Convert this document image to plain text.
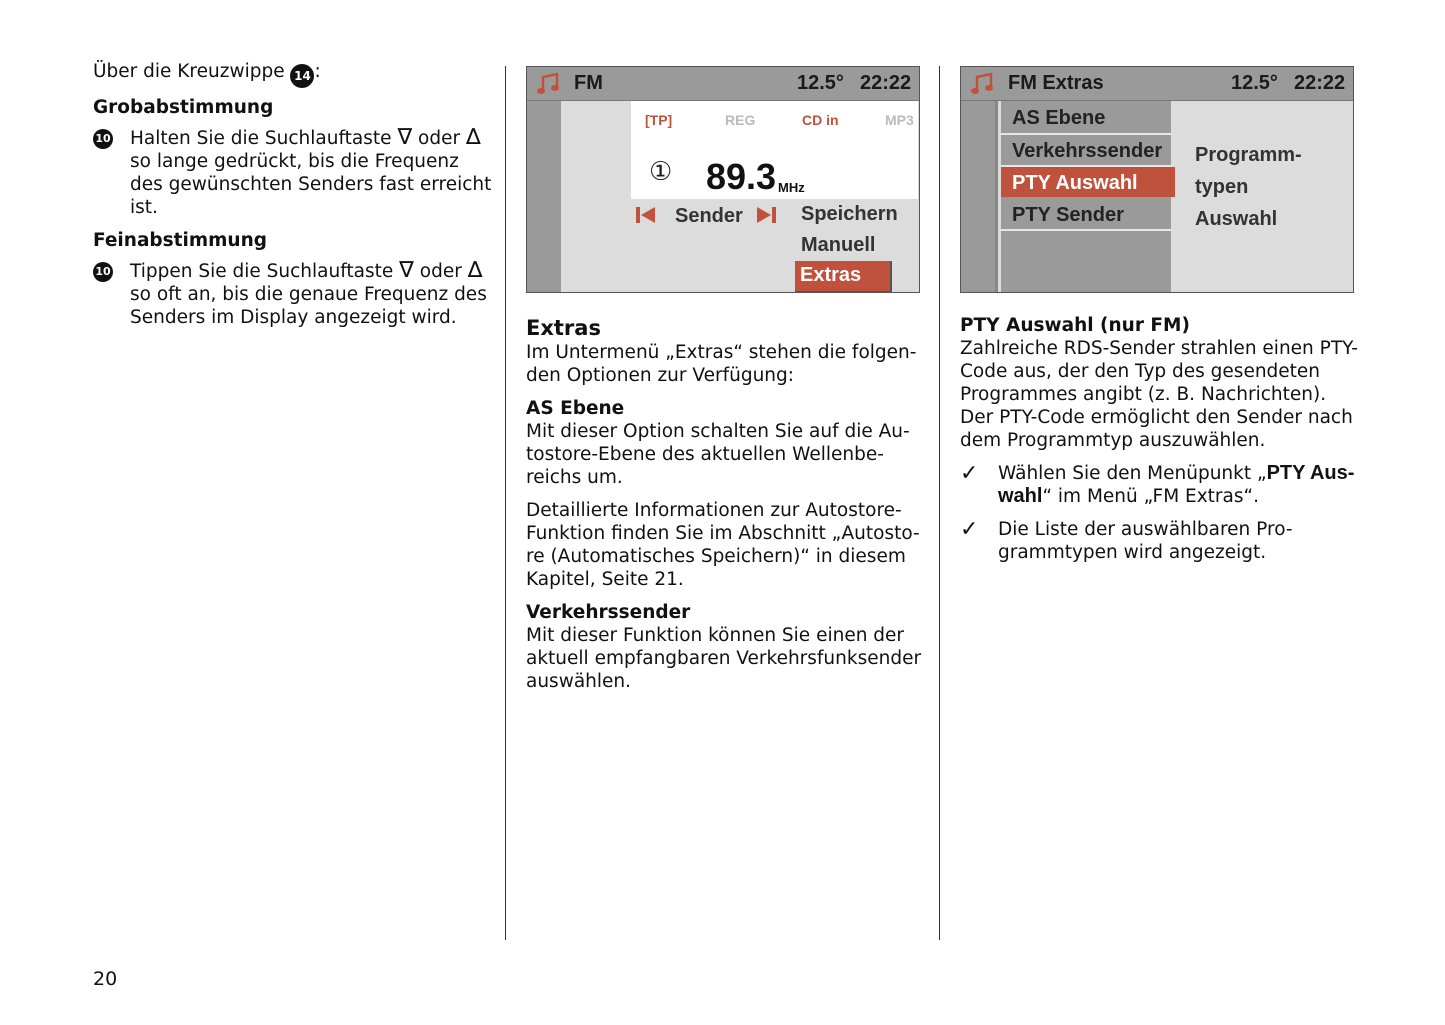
Über die Kreuzwippe 14 :

Grobabstimmung

10 Halten Sie die Suchlauftaste ∇ oder ∆

so lange gedrückt, bis die Frequenz

des gewünschten Senders fast erreicht

ist.

Feinabstimmung

10 Tippen Sie die Suchlauftaste ∇ oder ∆

so oft an, bis die genaue Frequenz des

Senders im Display angezeigt wird.

FM	12.5° 22:22
[TP]	REG	CD in	MP3
① 89.3 MHz
Sender	Speichern
Manuell
Extras
FM Extras	12.5° 22:22
AS Ebene
Verkehrssender
PTY Auswahl
PTY Sender
Programm-
typen
Auswahl

Extras

Im Untermenü „Extras“ stehen die folgen-

den Optionen zur Verfügung:

AS Ebene

Mit dieser Option schalten Sie auf die Au-

tostore-Ebene des aktuellen Wellenbe-

reichs um.

Detaillierte Informationen zur Autostore-

Funktion finden Sie im Abschnitt „Autosto-

re (Automatisches Speichern)“ in diesem

Kapitel, Seite 21.

Verkehrssender

Mit dieser Funktion können Sie einen der

aktuell empfangbaren Verkehrsfunksender

auswählen.

PTY Auswahl (nur FM)

Zahlreiche RDS-Sender strahlen einen PTY-

Code aus, der den Typ des gesendeten

Programmes angibt (z. B. Nachrichten).

Der PTY-Code ermöglicht den Sender nach

dem Programmtyp auszuwählen.

✓ Wählen Sie den Menüpunkt „PTY Aus-

wahl“ im Menü „FM Extras“.

✓ Die Liste der auswählbaren Pro-

grammtypen wird angezeigt.

20
